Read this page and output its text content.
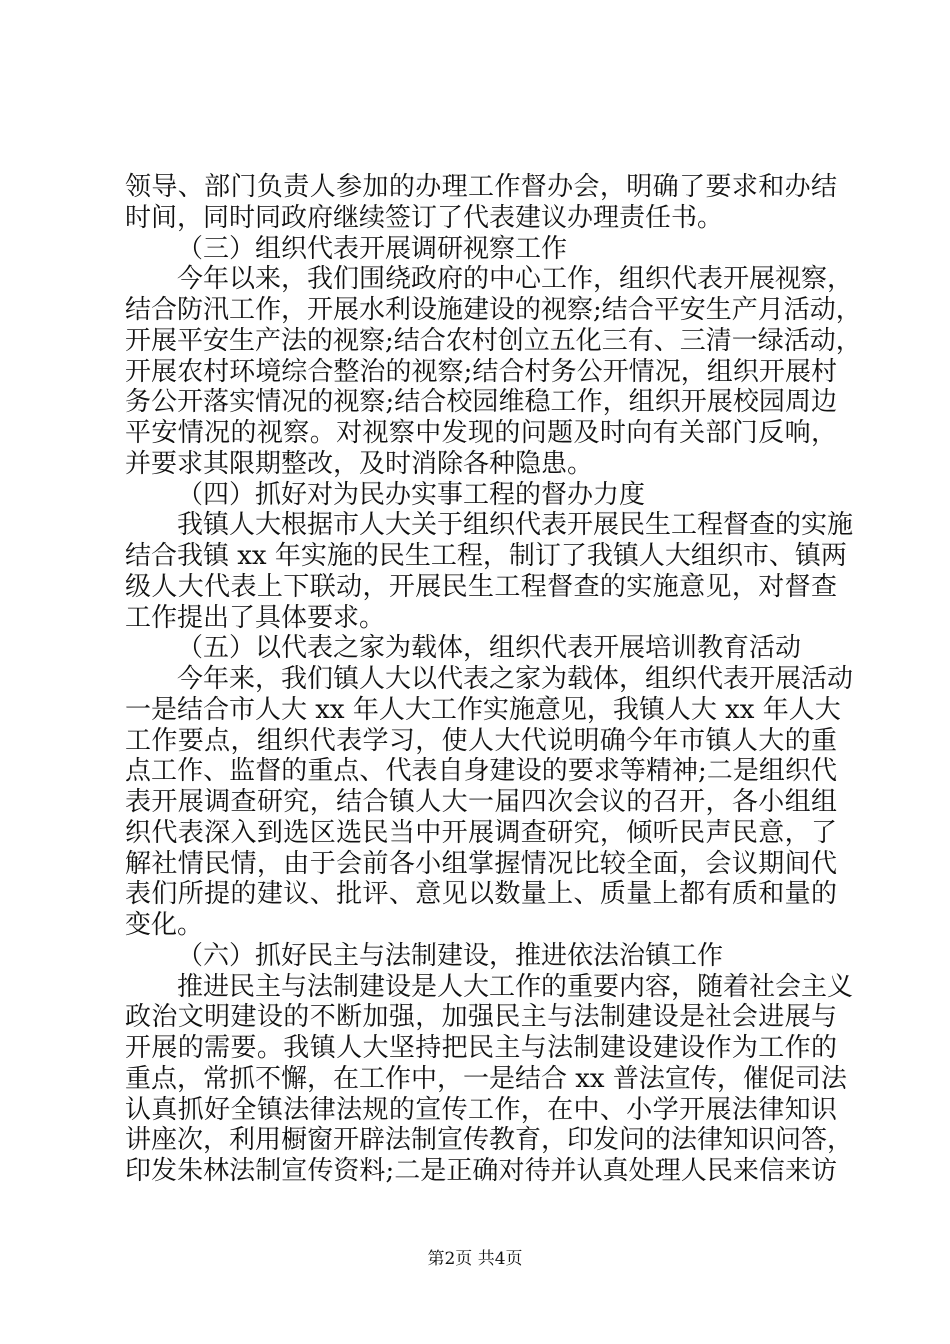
领导、部门负责人参加的办理工作督办会，明确了要求和办结
时间，同时同政府继续签订了代表建议办理责任书。
（三）组织代表开展调研视察工作
今年以来，我们围绕政府的中心工作，组织代表开展视察，
结合防汛工作，开展水利设施建设的视察;结合平安生产月活动，
开展平安生产法的视察;结合农村创立五化三有、三清一绿活动，
开展农村环境综合整治的视察;结合村务公开情况，组织开展村
务公开落实情况的视察;结合校园维稳工作，组织开展校园周边
平安情况的视察。对视察中发现的问题及时向有关部门反响，
并要求其限期整改，及时消除各种隐患。
（四）抓好对为民办实事工程的督办力度
我镇人大根据市人大关于组织代表开展民生工程督查的实施
结合我镇 xx 年实施的民生工程，制订了我镇人大组织市、镇两
级人大代表上下联动，开展民生工程督查的实施意见，对督查
工作提出了具体要求。
（五）以代表之家为载体，组织代表开展培训教育活动
今年来，我们镇人大以代表之家为载体，组织代表开展活动
一是结合市人大 xx 年人大工作实施意见，我镇人大 xx 年人大
工作要点，组织代表学习，使人大代说明确今年市镇人大的重
点工作、监督的重点、代表自身建设的要求等精神;二是组织代
表开展调查研究，结合镇人大一届四次会议的召开，各小组组
织代表深入到选区选民当中开展调查研究，倾听民声民意，了
解社情民情，由于会前各小组掌握情况比较全面，会议期间代
表们所提的建议、批评、意见以数量上、质量上都有质和量的
变化。
（六）抓好民主与法制建设，推进依法治镇工作
推进民主与法制建设是人大工作的重要内容，随着社会主义
政治文明建设的不断加强，加强民主与法制建设是社会进展与
开展的需要。我镇人大坚持把民主与法制建设建设作为工作的
重点，常抓不懈，在工作中，一是结合 xx 普法宣传，催促司法
认真抓好全镇法律法规的宣传工作，在中、小学开展法律知识
讲座次，利用橱窗开辟法制宣传教育，印发问的法律知识问答，
印发朱林法制宣传资料;二是正确对待并认真处理人民来信来访
第2页 共4页
